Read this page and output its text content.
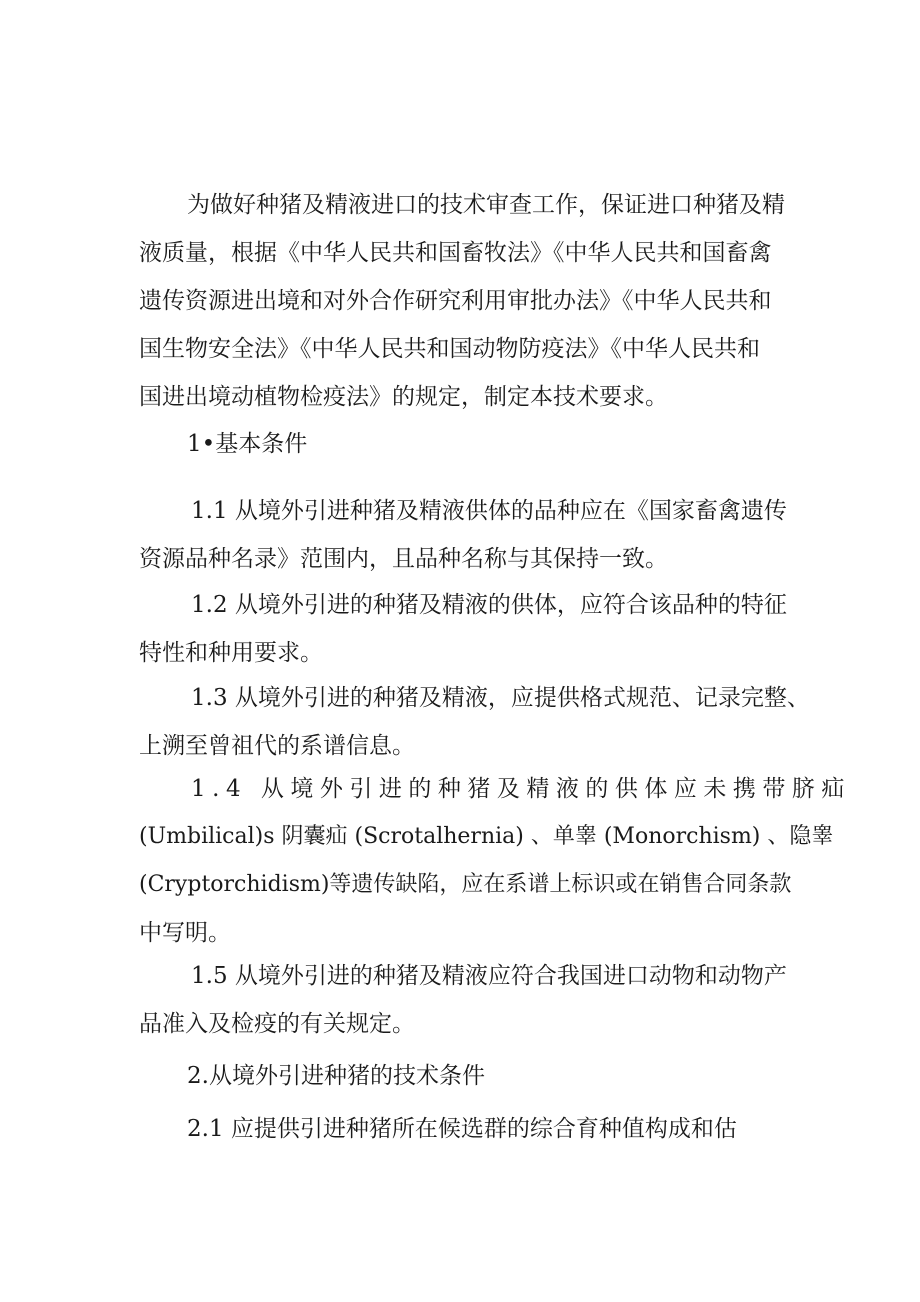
为做好种猪及精液进口的技术审查工作，保证进口种猪及精
液质量，根据《中华人民共和国畜牧法》《中华人民共和国畜禽
遗传资源进出境和对外合作研究利用审批办法》《中华人民共和
国生物安全法》《中华人民共和国动物防疫法》《中华人民共和
国进出境动植物检疫法》的规定，制定本技术要求。
1•基本条件
1.1 从境外引进种猪及精液供体的品种应在《国家畜禽遗传
资源品种名录》范围内，且品种名称与其保持一致。
1.2 从境外引进的种猪及精液的供体，应符合该品种的特征
特性和种用要求。
1.3 从境外引进的种猪及精液，应提供格式规范、记录完整、
上溯至曾祖代的系谱信息。
1.4 从境外引进的种猪及精液的供体应未携带脐疝
(Umbilical)s 阴囊疝 (Scrotalhernia) 、单睾 (Monorchism) 、隐睾
(Cryptorchidism)等遗传缺陷，应在系谱上标识或在销售合同条款
中写明。
1.5 从境外引进的种猪及精液应符合我国进口动物和动物产
品准入及检疫的有关规定。
2.从境外引进种猪的技术条件
2.1 应提供引进种猪所在候选群的综合育种值构成和估
